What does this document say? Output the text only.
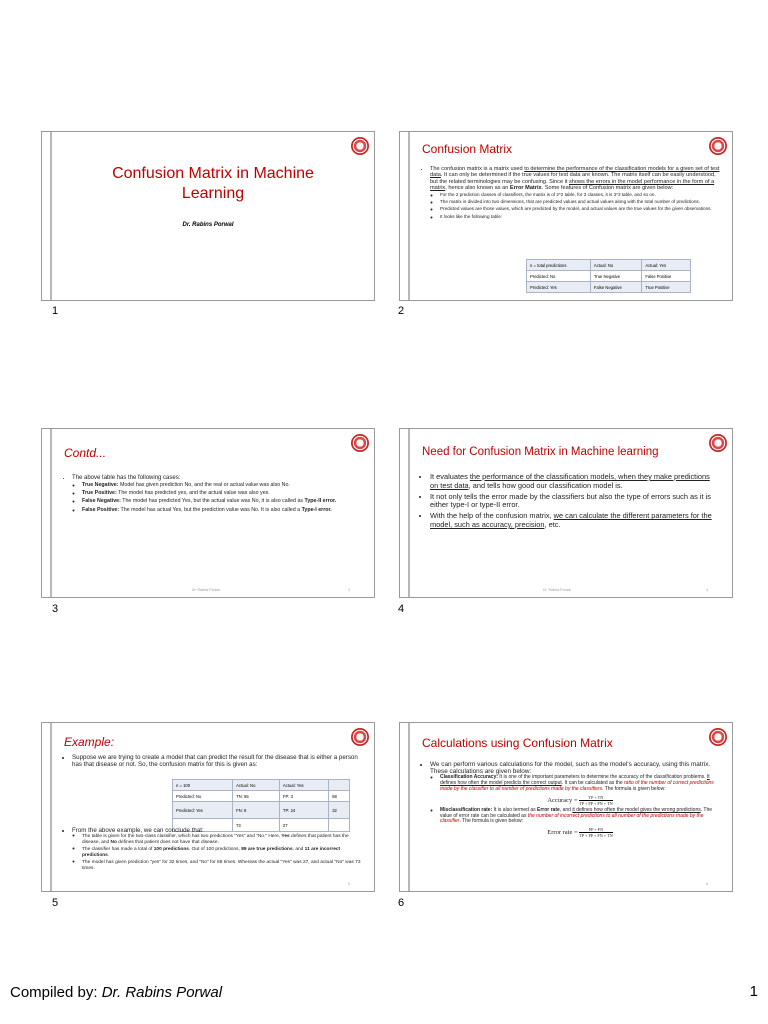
Confusion Matrix in Machine Learning
Dr. Rabins Porwal
1
Confusion Matrix
• The confusion matrix is a matrix used to determine the performance of the classification models for a given set of test data. It can only be determined if the true values for test data are known. The matrix itself can be easily understood, but the related terminologies may be confusing. Since it shows the errors in the model performance in the form of a matrix, hence also known as an Error Matrix. Some features of Confusion matrix are given below:
◦ For the 2 prediction classes of classifiers, the matrix is of 2*2 table, for 3 classes, it is 3*3 table, and so on.
◦ The matrix is divided into two dimensions, that are predicted values and actual values along with the total number of predictions.
◦ Predicted values are those values, which are predicted by the model, and actual values are the true values for the given observations.
◦ It looks like the following table:
n = total predictions	Actual: No	Actual: Yes
Predicted: No	True Negative	False Positive
Predicted: Yes	False Negative	True Positive
2
Contd...
• The above table has the following cases:
◦ True Negative: Model has given prediction No, and the real or actual value was also No.
◦ True Positive: The model has predicted yes, and the actual value was also yes.
◦ False Negative: The model has predicted Yes, but the actual value was No, it is also called as Type-II error.
◦ False Positive: The model has actual Yes, but the prediction value was No. It is also called a Type-I error.
Dr. Rabins Porwal	3
3
Need for Confusion Matrix in Machine learning
• It evaluates the performance of the classification models, when they make predictions on test data, and tells how good our classification model is.
• It not only tells the error made by the classifiers but also the type of errors such as it is either type-I or type-II error.
• With the help of the confusion matrix, we can calculate the different parameters for the model, such as accuracy, precision, etc.
Dr. Rabins Porwal	4
4
Example:
• Suppose we are trying to create a model that can predict the result for the disease that is either a person has that disease or not. So, the confusion matrix for this is given as:
n = 100	Actual: No	Actual: Yes	
Predicted: No	TN: 65	FP: 3	68
Predicted: Yes	FN: 8	TP: 24	32
	73	27	
• From the above example, we can conclude that:
◦ The table is given for the two-class classifier, which has two predictions "Yes" and "No." Here, Yes defines that patient has the disease, and No defines that patient does not have that disease.
◦ The classifier has made a total of 100 predictions. Out of 100 predictions, 89 are true predictions, and 11 are incorrect predictions.
◦ The model has given prediction "yes" for 32 times, and "No" for 68 times. Whereas the actual "Yes" was 27, and actual "No" was 73 times.
5
5
Calculations using Confusion Matrix
• We can perform various calculations for the model, such as the model's accuracy, using this matrix. These calculations are given below:
◦ Classification Accuracy: It is one of the important parameters to determine the accuracy of the classification problems. It defines how often the model predicts the correct output. It can be calculated as the ratio of the number of correct predictions made by the classifier to all number of predictions made by the classifiers. The formula is given below:
Accuracy = $\frac{TP + TN}{TP + FP + FN + TN}$
◦ Misclassification rate: It is also termed as Error rate, and it defines how often the model gives the wrong predictions. The value of error rate can be calculated as the number of incorrect predictions to all number of the predictions made by the classifier. The formula is given below:
Error rate = $\frac{FP + FN}{TP + FP + FN + TN}$
6
6
Compiled by: Dr. Rabins Porwal	1
